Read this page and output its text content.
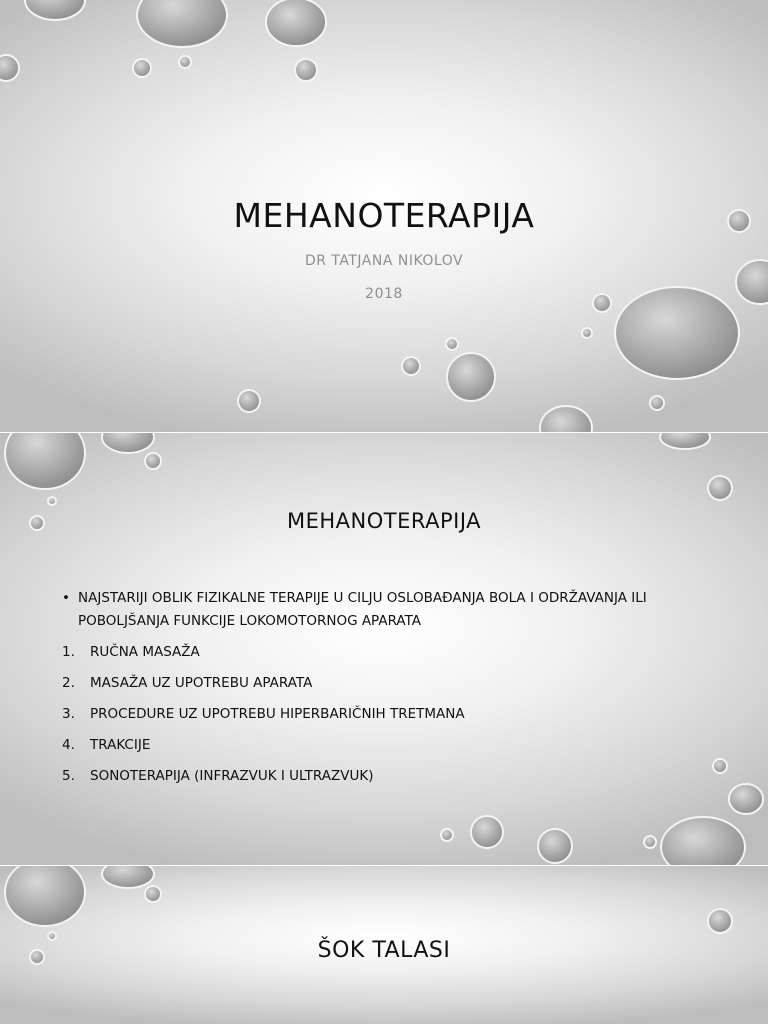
MEHANOTERAPIJA
DR TATJANA NIKOLOV
2018
MEHANOTERAPIJA
• NAJSTARIJI OBLIK FIZIKALNE TERAPIJE U CILJU OSLOBAĐANJA BOLA I ODRŽAVANJA ILI POBOLJŠANJA FUNKCIJE LOKOMOTORNOG APARATA
1.	RUČNA MASAŽA
2.	MASAŽA UZ UPOTREBU APARATA
3.	PROCEDURE UZ UPOTREBU HIPERBARIČNIH TRETMANA
4.	TRAKCIJE
5.	SONOTERAPIJA (INFRAZVUK I ULTRAZVUK)
ŠOK TALASI
